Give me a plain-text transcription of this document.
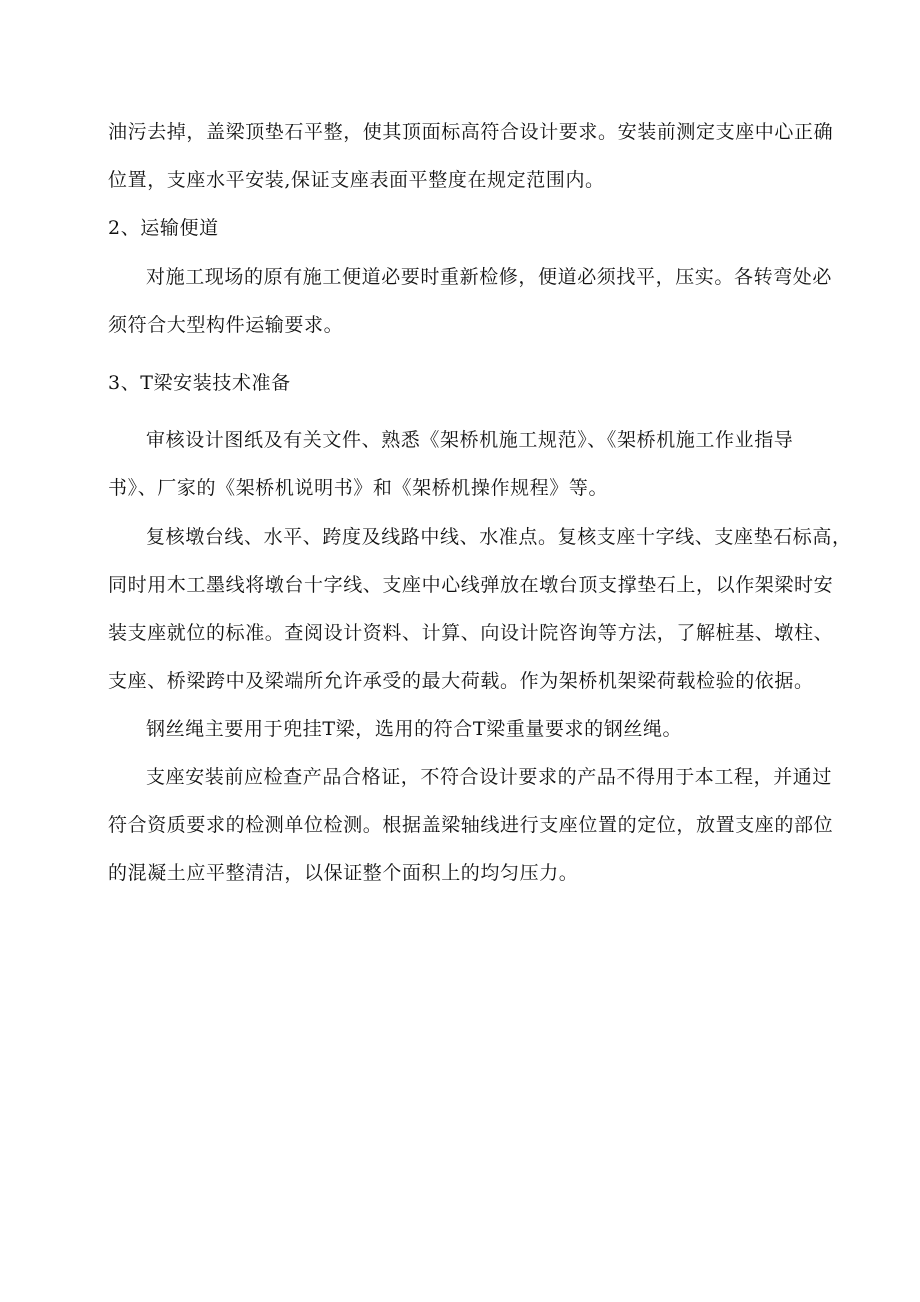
油污去掉，盖梁顶垫石平整，使其顶面标高符合设计要求。安装前测定支座中心正确
位置，支座水平安装,保证支座表面平整度在规定范围内。
2、运输便道
对施工现场的原有施工便道必要时重新检修，便道必须找平，压实。各转弯处必
须符合大型构件运输要求。
3、T梁安装技术准备
审核设计图纸及有关文件、熟悉《架桥机施工规范》、《架桥机施工作业指导
书》、厂家的《架桥机说明书》和《架桥机操作规程》等。
复核墩台线、水平、跨度及线路中线、水准点。复核支座十字线、支座垫石标高，
同时用木工墨线将墩台十字线、支座中心线弹放在墩台顶支撑垫石上，以作架梁时安
装支座就位的标准。查阅设计资料、计算、向设计院咨询等方法，了解桩基、墩柱、
支座、桥梁跨中及梁端所允许承受的最大荷载。作为架桥机架梁荷载检验的依据。
钢丝绳主要用于兜挂T梁，选用的符合T梁重量要求的钢丝绳。
支座安装前应检查产品合格证，不符合设计要求的产品不得用于本工程，并通过
符合资质要求的检测单位检测。根据盖梁轴线进行支座位置的定位，放置支座的部位
的混凝土应平整清洁，以保证整个面积上的均匀压力。
